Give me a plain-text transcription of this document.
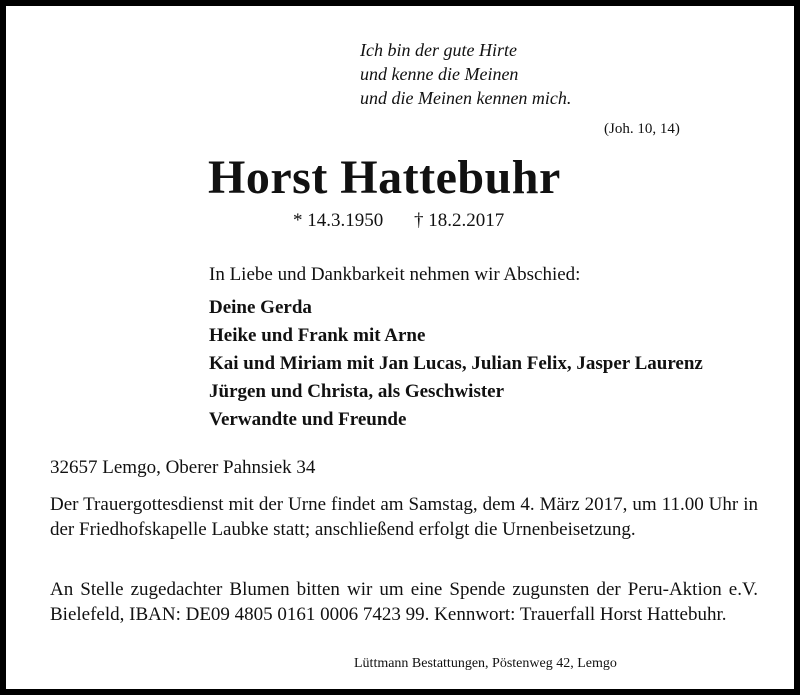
Ich bin der gute Hirte
und kenne die Meinen
und die Meinen kennen mich.
(Joh. 10, 14)
Horst Hattebuhr
* 14.3.1950 † 18.2.2017
In Liebe und Dankbarkeit nehmen wir Abschied:
Deine Gerda
Heike und Frank mit Arne
Kai und Miriam mit Jan Lucas, Julian Felix, Jasper Laurenz
Jürgen und Christa, als Geschwister
Verwandte und Freunde
32657 Lemgo, Oberer Pahnsiek 34
Der Trauergottesdienst mit der Urne findet am Samstag, dem 4. März 2017, um 11.00 Uhr in der Friedhofskapelle Laubke statt; anschließend erfolgt die Urnenbeisetzung.
An Stelle zugedachter Blumen bitten wir um eine Spende zugunsten der Peru-Aktion e.V. Bielefeld, IBAN: DE09 4805 0161 0006 7423 99. Kennwort: Trauerfall Horst Hattebuhr.
Lüttmann Bestattungen, Pöstenweg 42, Lemgo
